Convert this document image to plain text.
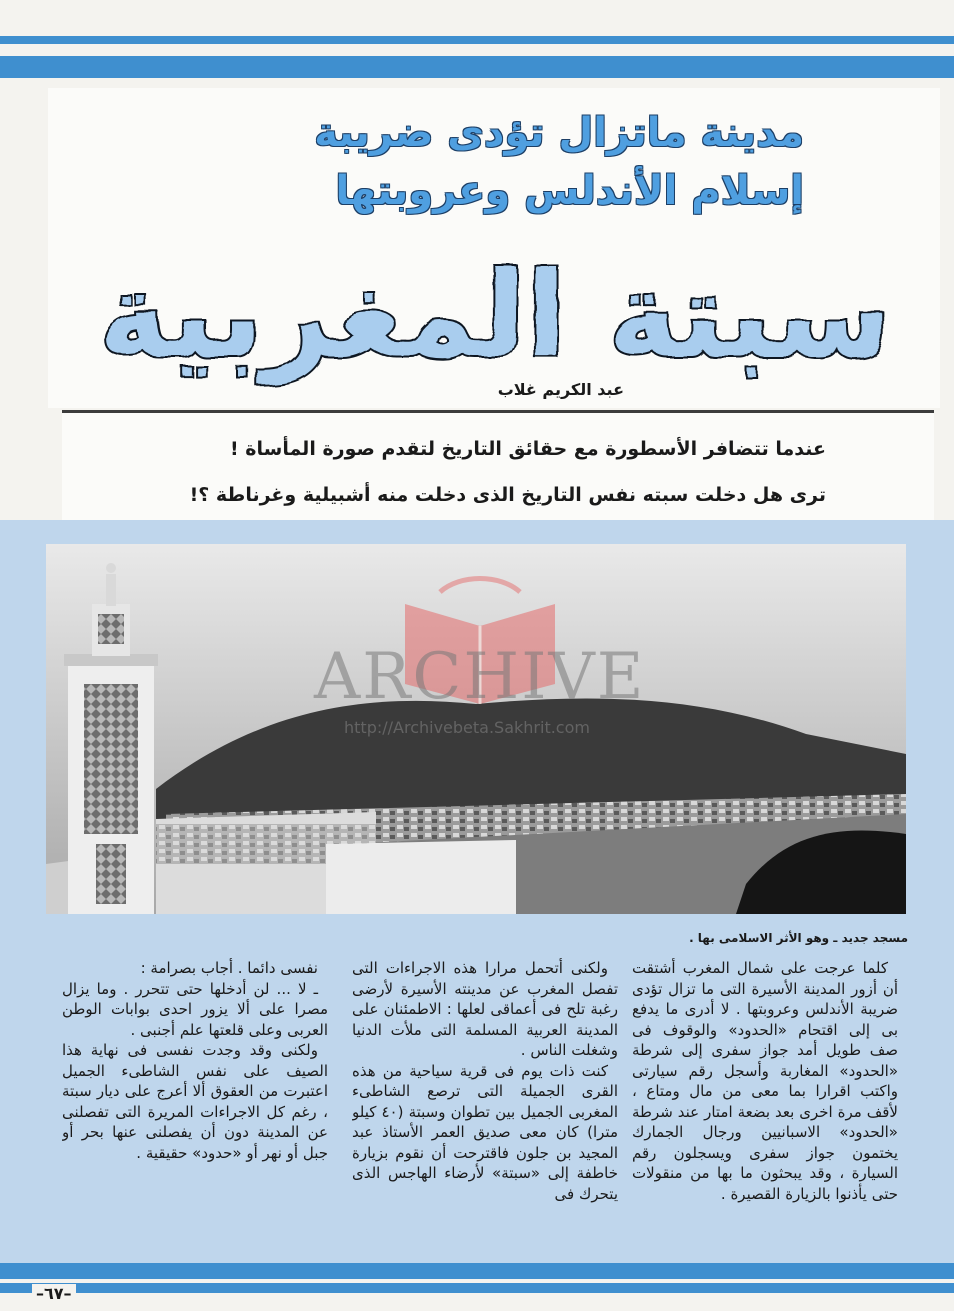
مدينة ماتزال تؤدى ضريبة
إسلام الأندلس وعروبتها
سبتة المغربية
عبد الكريم غلاب
عندما تتضافر الأسطورة مع حقائق التاريخ لتقدم صورة المأساة !
ترى هل دخلت سبته نفس التاريخ الذى دخلت منه أشبيلية وغرناطة ؟!
ARCHIVE
http://Archivebeta.Sakhrit.com
مسجد جديد ـ وهو الأثر الاسلامى بها .

كلما عرجت على شمال المغرب أشتقت أن أزور المدينة الأسيرة التى ما تزال تؤدى ضريبة الأندلس وعروبتها . لا أدرى ما يدفع بى إلى اقتحام «الحدود» والوقوف فى صف طويل أمد جواز سفرى إلى شرطة «الحدود» المغاربة وأسجل رقم سيارتى واكتب اقرارا بما معى من مال ومتاع ، لأقف مرة اخرى بعد بضعة امتار عند شرطة «الحدود» الاسبانيين ورجال الجمارك يختمون جواز سفرى ويسجلون رقم السيارة ، وقد يبحثون ما بها من منقولات حتى يأذنوا بالزيارة القصيرة .

ولكنى أتحمل مرارا هذه الاجراءات التى تفصل المغرب عن مدينته الأسيرة لأرضى رغبة تلح فى أعماقى لعلها : الاطمئنان على المدينة العربية المسلمة التى ملأت الدنيا وشغلت الناس .

كنت ذات يوم فى قرية سياحية من هذه القرى الجميلة التى ترصع الشاطىء المغربى الجميل بين تطوان وسبتة (٤٠ كيلو مترا) كان معى صديق العمر الأستاذ عبد المجيد بن جلون فاقترحت أن نقوم بزيارة خاطفة إلى «سبتة» لأرضاء الهاجس الذى يتحرك فى

نفسى دائما . أجاب بصرامة :

ـ لا ... لن أدخلها حتى تتحرر . وما يزال مصرا على ألا يزور احدى بوابات الوطن العربى وعلى قلعتها علم أجنبى .

ولكنى وقد وجدت نفسى فى نهاية هذا الصيف على نفس الشاطىء الجميل اعتبرت من العقوق ألا أعرج على ديار سبتة ، رغم كل الاجراءات المريرة التى تفصلنى عن المدينة دون أن يفصلنى عنها بحر أو جبل أو نهر أو «حدود» حقيقية .

–٦٧–
